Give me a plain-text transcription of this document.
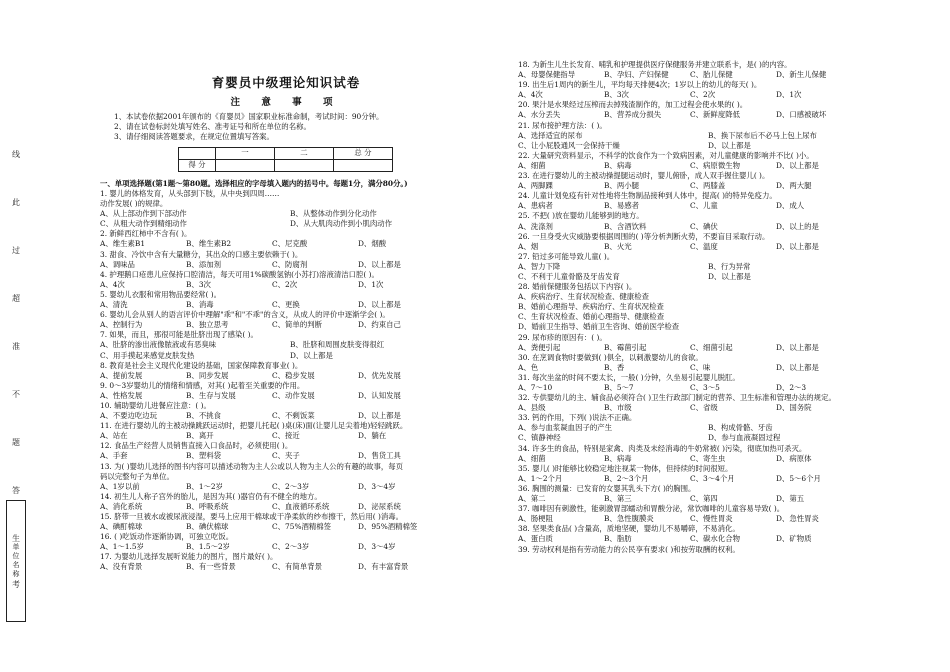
线
此
过
超
准
不
题
答
生
考
单位名称
育婴员中级理论知识试卷
注 意 事 项
1、本试卷依据2001年颁布的《育婴员》国家职业标准命制，考试时间：90分钟。
2、请在试卷标封处填写姓名、准考证号和所在单位的名称。
3、请仔细阅读答题要求，在规定位置填写答案。
	一	二	总 分
得 分			
一、单项选择题(第1题～第80题。选择相应的字母填入题内的括号中。每题1分，满分80分。)
1. 婴儿的体格发育，从头部到下肢，从中央到四周……
动作发展( )的规律。
A、从上部动作到下部动作	B、从整体动作到分化动作
C、从粗大动作到精细动作	D、从大肌肉动作到小肌肉动作
2. 新鲜西红柿中不含有( )。
A、维生素B1	B、维生素B2	C、尼克酸	D、烟酸
3. 甜食、冷饮中含有大量糖分，其出众的口感主要依赖于( )。
A、调味品	B、添加剂	C、防腐剂	D、以上都是
4. 护理鹅口疮患儿应保持口腔清洁，每天可用1%碳酸氢钠(小苏打)溶液清洁口腔( )。
A、4次	B、3次	C、2次	D、1次
5. 婴幼儿衣服和常用物品要经常( )。
A、清洗	B、消毒	C、更换	D、以上都是
6. 婴幼儿会从别人的语言评价中理解"乖"和"不乖"的含义，从成人的评价中逐渐学会( )。
A、控制行为	B、独立思考	C、简单的判断	D、约束自己
7. 如果，而且，那很可能是肚脐出现了感染( )。
A、肚脐的渗出液像脓液或有恶臭味	B、肚脐和周围皮肤变得很红
C、用手摸起来感觉皮肤发热	D、以上都是
8. 教育是社会主义现代化建设的基础，国家保障教育事业( )。
A、提前发展	B、同步发展	C、稳步发展	D、优先发展
9. 0～3岁婴幼儿的情绪和情感，对其( )起着至关重要的作用。
A、性格发展	B、生存与发展	C、动作发展	D、认知发展
10. 辅助婴幼儿进餐应注意：( )。
A、不要边吃边玩	B、不挑食	C、不剩饭菜	D、以上都是
11. 在进行婴幼儿的主被动操跳跃运动时，把婴儿托起( )桌(床)面(让婴儿足尖着地)轻轻跳跃。
A、站在	B、离开	C、接近	D、躺在
12. 食品生产经营人员销售直接入口食品时，必须使用( )。
A、手套	B、塑料袋	C、夹子	D、售货工具
13. 为( )婴幼儿选择的图书内容可以描述动物为主人公或以人物为主人公的有趣的故事，每页
码以完整句子为单位。
A、1岁以前	B、1～2岁	C、2～3岁	D、3～4岁
14. 初生儿人称子宫外的胎儿，是因为其( )器官仍有不健全的地方。
A、消化系统	B、呼吸系统	C、血液循环系统	D、泌尿系统
15. 脐带一旦被水或被尿液浸湿，要马上应用干棉球或干净柔软的纱布擦干，然后用( )消毒。
A、碘酊棉球	B、碘伏棉球	C、75%酒精棉签	D、95%酒精棉签
16. ( )吃饭动作逐渐协调，可独立吃饭。
A、1～1.5岁	B、1.5～2岁	C、2～3岁	D、3～4岁
17. 为婴幼儿选择发展听说能力的图片，图片最好( )。
A、没有背景	B、有一些背景	C、有简单背景	D、有丰富背景
18. 为新生儿生长发育、哺乳和护理提供医疗保健服务并建立联系卡，是( )的内容。
A、母婴保健指导	B、孕妇、产妇保健	C、胎儿保健	D、新生儿保健
19. 出生后1周内的新生儿，平均每天排便4次；1岁以上的幼儿的每天( )。
A、4次	B、3次	C、2次	D、1次
20. 果汁是水果经过压榨而去掉残渣制作的，加工过程会使水果的( )。
A、水分丢失	B、营养成分损失	C、新鲜度降低	D、口感被破坏
21. 尿布接护理方法：( )。
A、选择适宜的尿布	B、换下尿布后不必马上包上尿布
C、让小屁股通风一会保持干燥	D、以上都是
22. 大量研究资料显示，不科学的饮食作为一个致病因素，对儿童健康的影响并不比( )小。
A、细菌	B、病毒	C、病原微生物	D、以上都是
23. 在进行婴幼儿的主被动操提腿运动时，婴儿俯卧，成人双手握住婴儿( )。
A、两脚踝	B、两小腿	C、两膝盖	D、两大腿
24. 儿童计划免疫有针对性地将生物制品接种到人体中，提高( )的特异免疫力。
A、患病者	B、易感者	C、儿童	D、成人
25. 不把( )放在婴幼儿能够到的地方。
A、洗涤剂	B、含酒饮料	C、碘伏	D、以上的是
26. 一旦身受火灾威胁要根据周围的( )等分析判断火势，不要盲目采取行动。
A、烟	B、火光	C、温度	D、以上都是
27. 铅过多可能导致儿童( )。
A、智力下降	B、行为异常
C、不利于儿童骨骼及牙齿发育	D、以上都是
28. 婚前保健服务包括以下内容( )。
A、疾病治疗、生育状况检查、健康检查
B、婚前心理指导、疾病治疗、生育状况检查
C、生育状况检查、婚前心理指导、健康检查
D、婚前卫生指导、婚前卫生咨询、婚前医学检查
29. 尿布疹的原因有：( )。
A、粪便引起	B、霉菌引起	C、细菌引起	D、以上都是
30. 在烹调食物时要做到( )俱全，以刺激婴幼儿的食欲。
A、色	B、香	C、味	D、以上都是
31. 每次坐盆的时间不要太长，一般( )分钟，久坐易引起婴儿脱肛。
A、7～10	B、5～7	C、3～5	D、2～3
32. 专供婴幼儿的主、辅食品必须符合( )卫生行政部门制定的营养、卫生标准和管理办法的规定。
A、县级	B、市级	C、省级	D、国务院
33. 钙的作用，下列( )说法不正确。
A、参与血浆凝血因子的产生	B、构成骨骼、牙齿
C、镇静神经	D、参与血液凝固过程
34. 许多生的食品，特别是家禽、肉类及未经消毒的牛奶常被( )污染，彻底加热可杀灭。
A、细菌	B、病毒	C、寄生虫	D、病原体
35. 婴儿( )时能够比较稳定地注视某一物体，但持续的时间很短。
A、1～2个月	B、2～3个月	C、3～4个月	D、5～6个月
36. 胸围的测量：已发育的女婴其乳头下方( )的胸围。
A、第二	B、第三	C、第四	D、第五
37. 咖啡因有刺激性，能刺激胃部蠕动和胃酸分泌，常饮咖啡的儿童容易导致( )。
A、肠梗阻	B、急性腹膜炎	C、慢性胃炎	D、急性胃炎
38. 坚果类食品( )含量高，质地坚硬，婴幼儿不易嚼碎，不易消化。
A、蛋白质	B、脂肪	C、碳水化合物	D、矿物质
39. 劳动权利是指有劳动能力的公民享有要求( )和按劳取酬的权利。
